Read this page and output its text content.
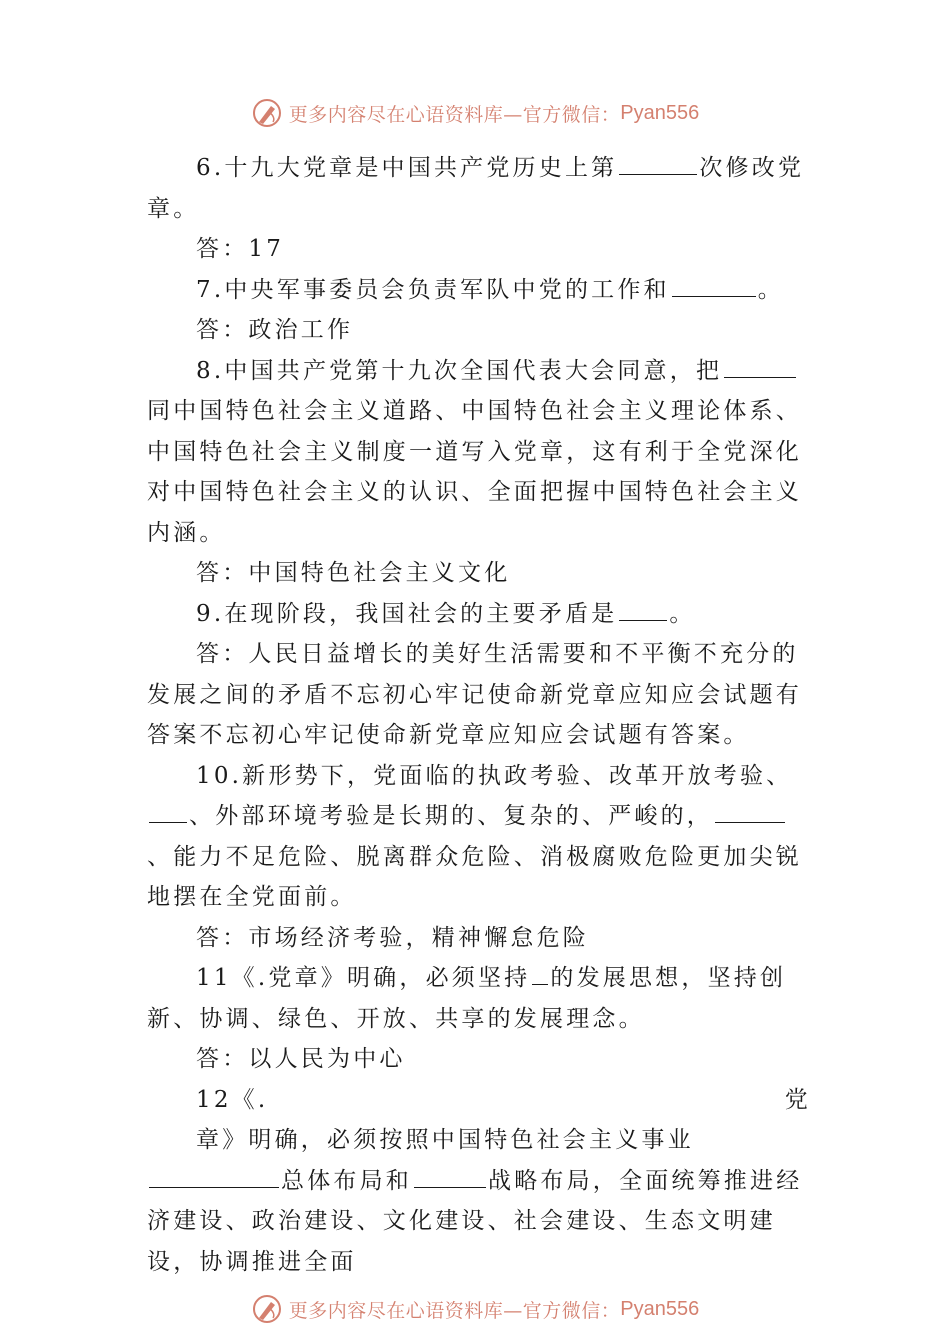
更多内容尽在心语资料库—官方微信： Pyan556

6.十九大党章是中国共产党历史上第	次修改党章。

答：17

7.中央军事委员会负责军队中党的工作和	。

答：政治工作

8.中国共产党第十九次全国代表大会同意，把同中国特色社会主义道路、中国特色社会主义理论体系、中国特色社会主义制度一道写入党章，这有利于全党深化对中国特色社会主义的认识、全面把握中国特色社会主义内涵。

答：中国特色社会主义文化

9.在现阶段，我国社会的主要矛盾是 。

答：人民日益增长的美好生活需要和不平衡不充分的发展之间的矛盾不忘初心牢记使命新党章应知应会试题有答案不忘初心牢记使命新党章应知应会试题有答案。

10.新形势下，党面临的执政考验、改革开放考验、、外部环境考验是长期的、复杂的、严峻的，、能力不足危险、脱离群众危险、消极腐败危险更加尖锐地摆在全党面前。

答：市场经济考验，精神懈怠危险

11《.党章》明确，必须坚持 的发展思想，坚持创新、协调、绿色、开放、共享的发展理念。

答：以人民为中心

12《.	党

章》明确，必须按照中国特色社会主义事业总体布局和	战略布局，全面统筹推进经济建设、政治建设、文化建设、社会建设、生态文明建设，协调推进全面

更多内容尽在心语资料库—官方微信： Pyan556
